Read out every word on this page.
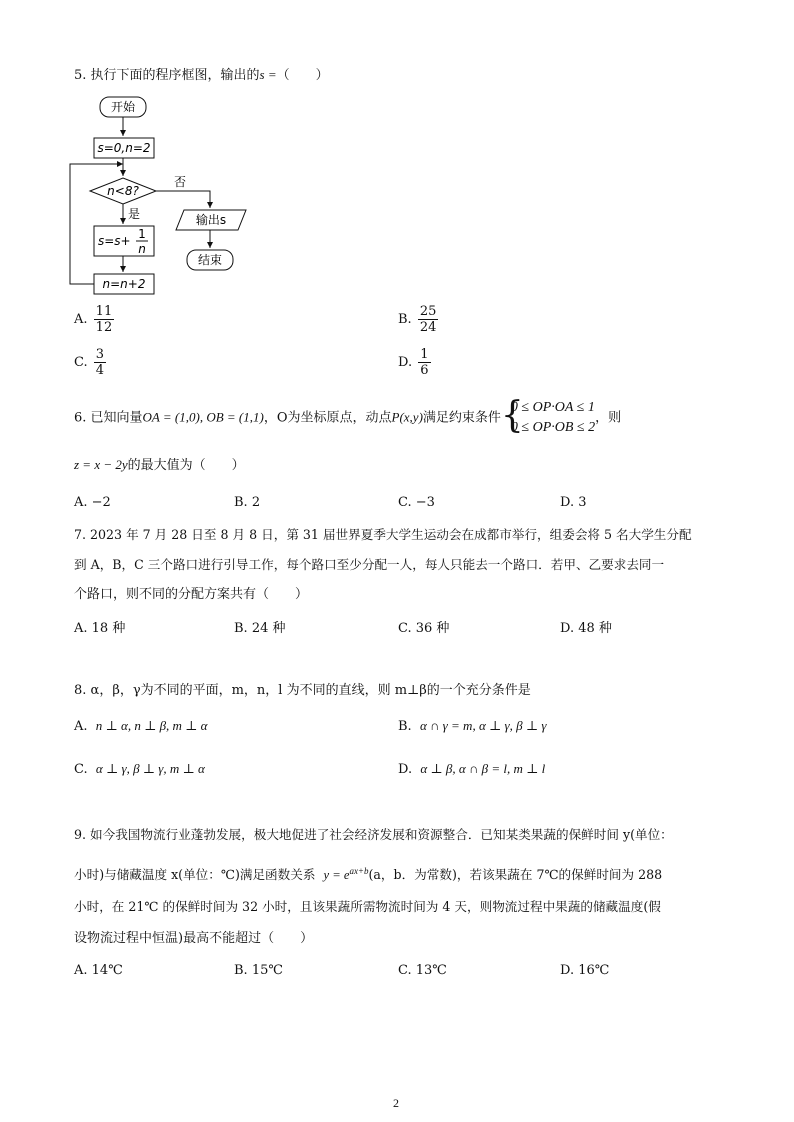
5. 执行下面的程序框图，输出的s =（　　）
开始
s=0,n=2
n<8?
否
输出s
结束
是
s=s+ 1
n
n=n+2
A. $\frac{11}{12}$	B. $\frac{25}{24}$
C. $\frac{3}{4}$	D. $\frac{1}{6}$
6. 已知向量OA = (1,0), OB = (1,1)，O为坐标原点，动点P(x,y)满足约束条件 {
0 ≤ OP·OA ≤ 1
0 ≤ OP·OB ≤ 2
，则
z = x − 2y的最大值为（　　）
A. −2	B. 2	C. −3	D. 3
7. 2023 年 7 月 28 日至 8 月 8 日，第 31 届世界夏季大学生运动会在成都市举行，组委会将 5 名大学生分配
到 A，B，C 三个路口进行引导工作，每个路口至少分配一人，每人只能去一个路口．若甲、乙要求去同一
个路口，则不同的分配方案共有（　　）
A. 18 种	B. 24 种	C. 36 种	D. 48 种
8. α，β，γ为不同的平面，m，n，l 为不同的直线，则 m⊥β的一个充分条件是
A. n ⊥ α, n ⊥ β, m ⊥ α	B. α ∩ γ = m, α ⊥ γ, β ⊥ γ
C. α ⊥ γ, β ⊥ γ, m ⊥ α	D. α ⊥ β, α ∩ β = l, m ⊥ l
9. 如今我国物流行业蓬勃发展，极大地促进了社会经济发展和资源整合．已知某类果蔬的保鲜时间 y(单位：
小时)与储藏温度 x(单位：℃)满足函数关系 $y = e^{ax+b}(a$，b．为常数)，若该果蔬在 7℃的保鲜时间为 288
小时，在 21℃ 的保鲜时间为 32 小时，且该果蔬所需物流时间为 4 天，则物流过程中果蔬的储藏温度(假
设物流过程中恒温)最高不能超过（　　）
A. 14℃	B. 15℃	C. 13℃	D. 16℃
2
